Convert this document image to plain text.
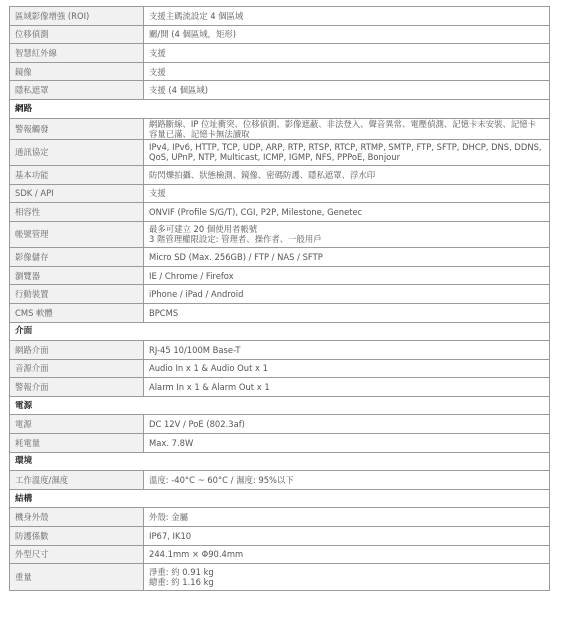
區域影像增強 (ROI)	支援主碼流設定 4 個區域
位移偵測	關/開 (4 個區域，矩形)
智慧紅外線	支援
鏡像	支援
隱私遮罩	支援 (4 個區域)
網路	
警報觸發	網路斷線、IP 位址衝突、位移偵測、影像遮蔽、非法登入、聲音異常、電壓偵測、記憶卡未安裝、記憶卡容量已滿、記憶卡無法讀取
通訊協定	IPv4, IPv6, HTTP, TCP, UDP, ARP, RTP, RTSP, RTCP, RTMP, SMTP, FTP, SFTP, DHCP, DNS, DDNS, QoS, UPnP, NTP, Multicast, ICMP, IGMP, NFS, PPPoE, Bonjour
基本功能	防閃爍拍攝、狀態檢測、鏡像、密碼防護、隱私遮罩、浮水印
SDK / API	支援
相容性	ONVIF (Profile S/G/T), CGI, P2P, Milestone, Genetec
帳號管理	最多可建立 20 個使用者帳號
3 階管理權限設定: 管理者、操作者、一般用戶
影像儲存	Micro SD (Max. 256GB) / FTP / NAS / SFTP
瀏覽器	IE / Chrome / Firefox
行動裝置	iPhone / iPad / Android
CMS 軟體	BPCMS
介面	
網路介面	RJ-45 10/100M Base-T
音源介面	Audio In x 1 & Audio Out x 1
警報介面	Alarm In x 1 & Alarm Out x 1
電源	
電源	DC 12V / PoE (802.3af)
耗電量	Max. 7.8W
環境	
工作溫度/濕度	溫度: -40°C ~ 60°C / 濕度: 95%以下
結構	
機身外殼	外殼: 金屬
防護係數	IP67, IK10
外型尺寸	244.1mm × Φ90.4mm
重量	淨重: 約 0.91 kg
總重: 約 1.16 kg
